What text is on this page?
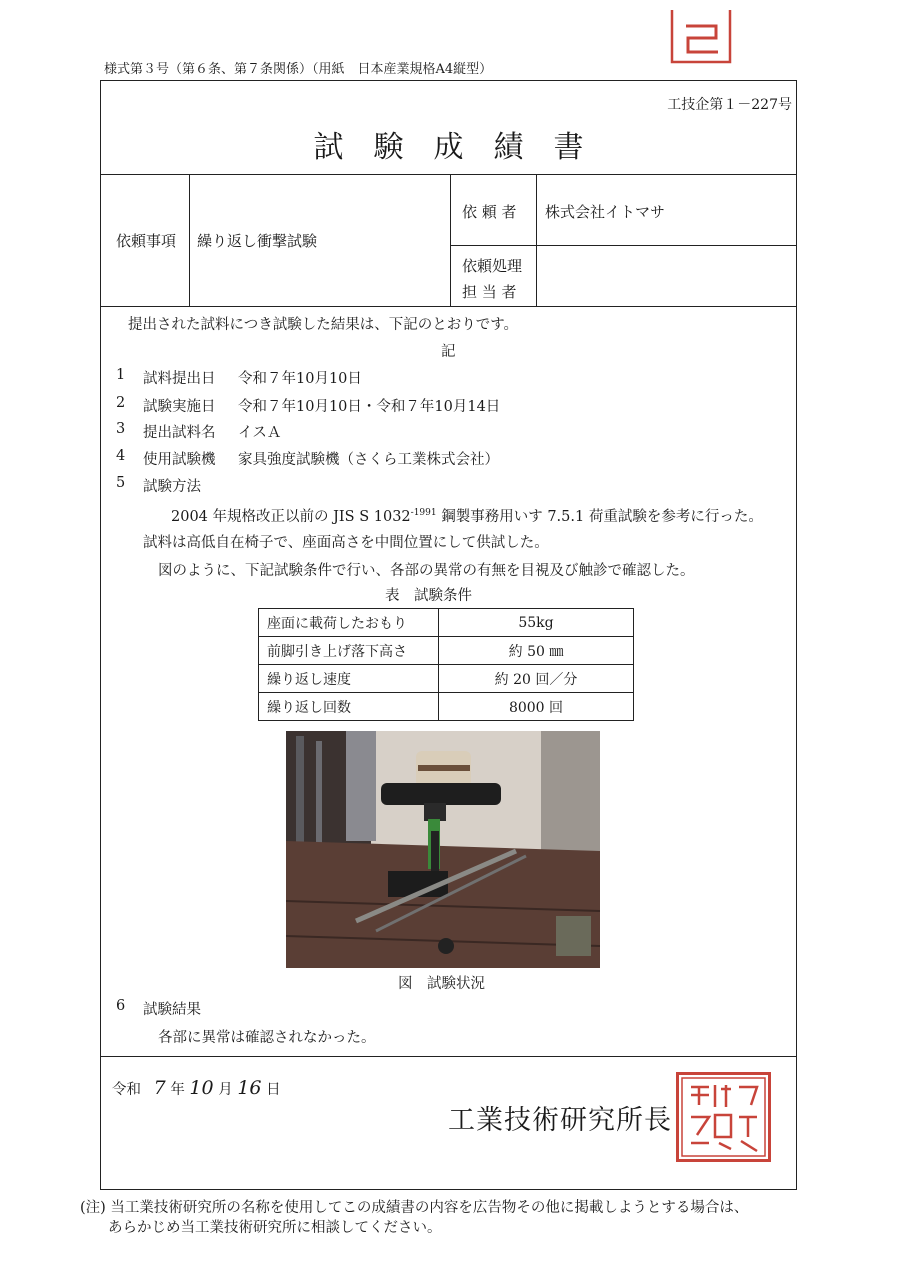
様式第３号（第６条、第７条関係）（用紙　日本産業規格A4縦型）
工技企第１－227号
試験成績書
依頼事項 繰り返し衝撃試験
依 頼 者 株式会社イトマサ
依頼処理
担 当 者
提出された試料につき試験した結果は、下記のとおりです。
記
1 試料提出日 令和７年10月10日
2 試験実施日 令和７年10月10日・令和７年10月14日
3 提出試料名 イスＡ
4 使用試験機 家具強度試験機（さくら工業株式会社）
5 試験方法
2004 年規格改正以前の JIS S $1032^{-1991}$ 鋼製事務用いす 7.5.1 荷重試験を参考に行った。
試料は高低自在椅子で、座面高さを中間位置にして供試した。
図のように、下記試験条件で行い、各部の異常の有無を目視及び触診で確認した。
表　試験条件
座面に載荷したおもり	55kg
前脚引き上げ落下高さ	約 50 ㎜
繰り返し速度	約 20 回／分
繰り返し回数	8000 回
図　試験状況
6 試験結果
各部に異常は確認されなかった。
令和 7 年 10 月 16 日
工業技術研究所長
(注) 当工業技術研究所の名称を使用してこの成績書の内容を広告物その他に掲載しようとする場合は、
あらかじめ当工業技術研究所に相談してください。
